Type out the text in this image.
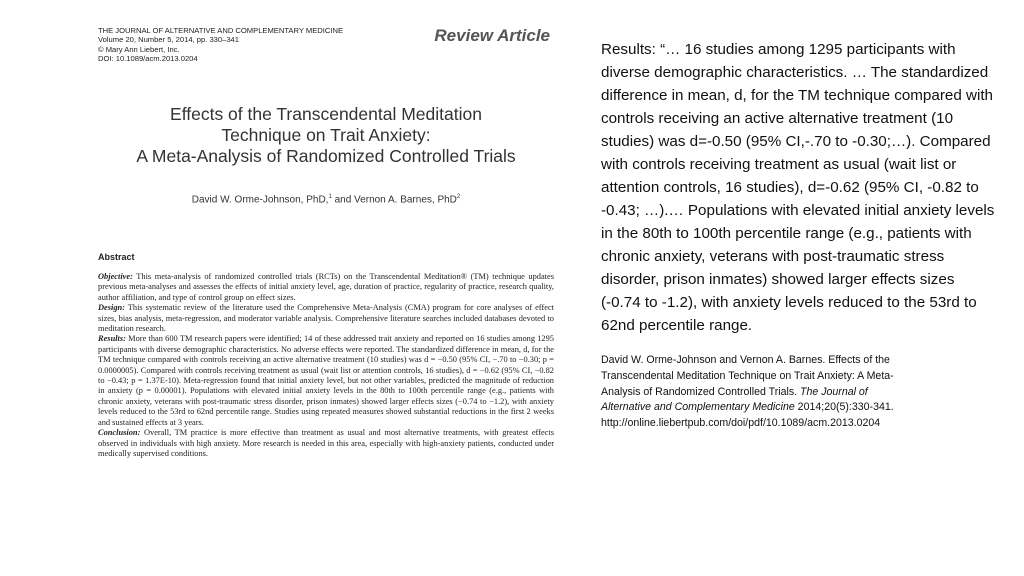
THE JOURNAL OF ALTERNATIVE AND COMPLEMENTARY MEDICINE
Volume 20, Number 5, 2014, pp. 330–341
© Mary Ann Liebert, Inc.
DOI: 10.1089/acm.2013.0204
Review Article
Effects of the Transcendental Meditation
Technique on Trait Anxiety:
A Meta-Analysis of Randomized Controlled Trials
David W. Orme-Johnson, PhD,$^1$ and Vernon A. Barnes, PhD$^2$
Abstract

Objective: This meta-analysis of randomized controlled trials (RCTs) on the Transcendental Meditation® (TM) technique updates previous meta-analyses and assesses the effects of initial anxiety level, age, duration of practice, regularity of practice, research quality, author affiliation, and type of control group on effect sizes.

Design: This systematic review of the literature used the Comprehensive Meta-Analysis (CMA) program for core analyses of effect sizes, bias analysis, meta-regression, and moderator variable analysis. Comprehensive literature searches included databases devoted to meditation research.

Results: More than 600 TM research papers were identified; 14 of these addressed trait anxiety and reported on 16 studies among 1295 participants with diverse demographic characteristics. No adverse effects were reported. The standardized difference in mean, d, for the TM technique compared with controls receiving an active alternative treatment (10 studies) was d = −0.50 (95% CI, −.70 to −0.30; p = 0.0000005). Compared with controls receiving treatment as usual (wait list or attention controls, 16 studies), d = −0.62 (95% CI, −0.82 to −0.43; p = 1.37E-10). Meta-regression found that initial anxiety level, but not other variables, predicted the magnitude of reduction in anxiety (p = 0.00001). Populations with elevated initial anxiety levels in the 80th to 100th percentile range (e.g., patients with chronic anxiety, veterans with post-traumatic stress disorder, prison inmates) showed larger effects sizes (−0.74 to −1.2), with anxiety levels reduced to the 53rd to 62nd percentile range. Studies using repeated measures showed substantial reductions in the first 2 weeks and sustained effects at 3 years.

Conclusion: Overall, TM practice is more effective than treatment as usual and most alternative treatments, with greatest effects observed in individuals with high anxiety. More research is needed in this area, especially with high-anxiety patients, conducted under medically supervised conditions.

Results: “… 16 studies among 1295 participants with diverse demographic characteristics. … The standardized difference in mean, d, for the TM technique compared with controls receiving an active alternative treatment (10 studies) was d=-0.50 (95% CI,-.70 to -0.30;…). Compared with controls receiving treatment as usual (wait list or attention controls, 16 studies), d=-0.62 (95% CI, -0.82 to -0.43; …).… Populations with elevated initial anxiety levels in the 80th to 100th percentile range (e.g., patients with chronic anxiety, veterans with post-traumatic stress disorder, prison inmates) showed larger effects sizes (-0.74 to -1.2), with anxiety levels reduced to the 53rd to 62nd percentile range.
David W. Orme-Johnson and Vernon A. Barnes. Effects of the
Transcendental Meditation Technique on Trait Anxiety: A Meta-
Analysis of Randomized Controlled Trials. The Journal of
Alternative and Complementary Medicine 2014;20(5):330-341.
http://online.liebertpub.com/doi/pdf/10.1089/acm.2013.0204
